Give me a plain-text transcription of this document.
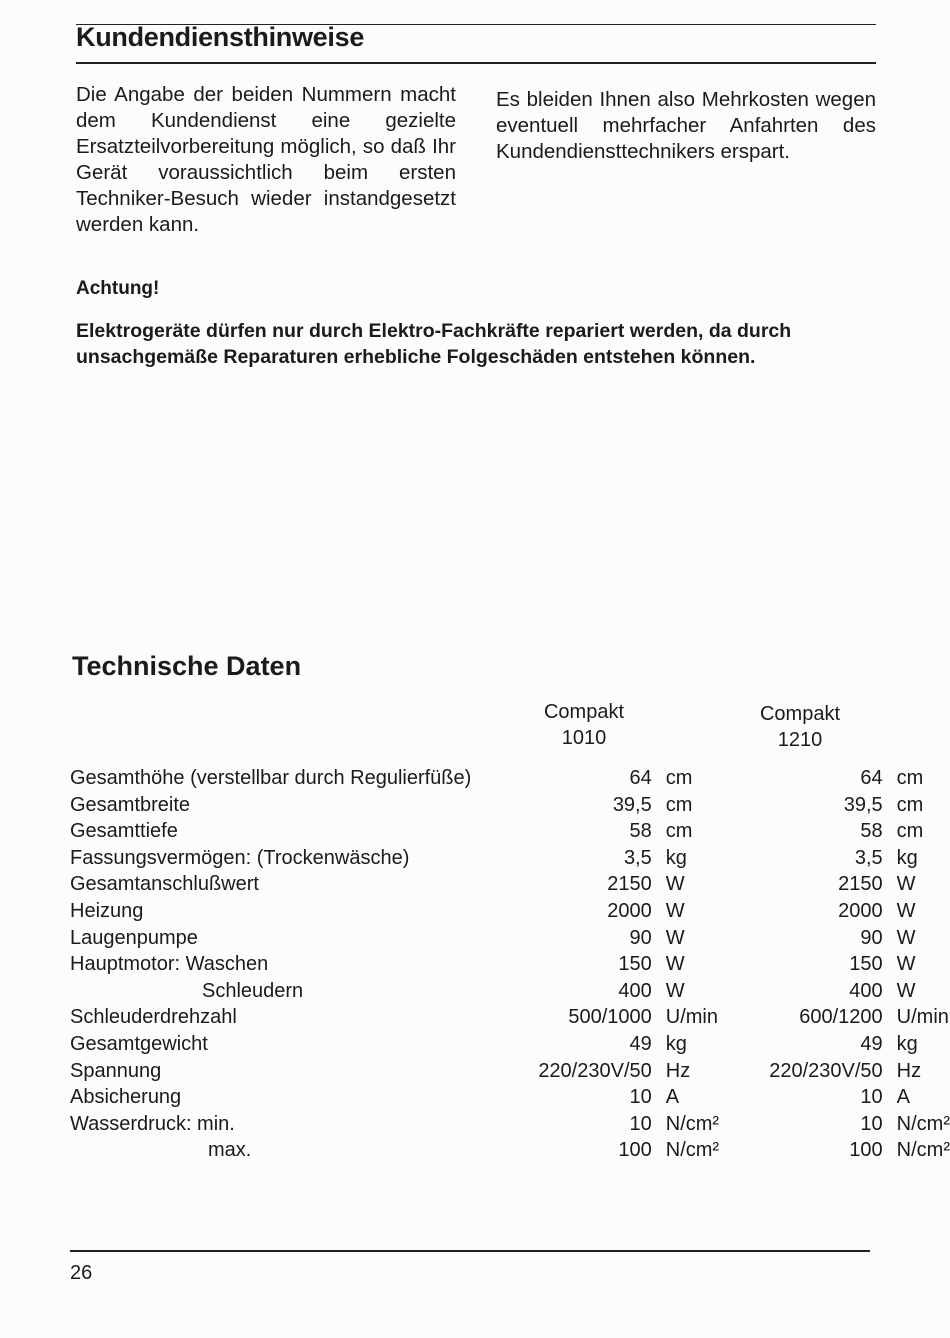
Kundendiensthinweise

Die Angabe der beiden Nummern macht dem Kundendienst eine gezielte Ersatzteilvorbereitung möglich, so daß Ihr Gerät voraussichtlich beim ersten Techniker-Besuch wieder instandgesetzt werden kann.

Es bleiden Ihnen also Mehrkosten wegen eventuell mehrfacher Anfahrten des Kundendiensttechnikers erspart.

Achtung!

Elektrogeräte dürfen nur durch Elektro-Fachkräfte repariert werden, da durch unsachgemäße Reparaturen erhebliche Folgeschäden entstehen können.

Technische Daten
Compakt
1010
Compakt
1210
Gesamthöhe (verstellbar durch Regulierfüße)	64	cm	64	cm
Gesamtbreite	39,5	cm	39,5	cm
Gesamttiefe	58	cm	58	cm
Fassungsvermögen: (Trockenwäsche)	3,5	kg	3,5	kg
Gesamtanschlußwert	2150	W	2150	W
Heizung	2000	W	2000	W
Laugenpumpe	90	W	90	W
Hauptmotor: Waschen	150	W	150	W
Schleudern	400	W	400	W
Schleuderdrehzahl	500/1000	U/min	600/1200	U/min
Gesamtgewicht	49	kg	49	kg
Spannung	220/230V/50	Hz	220/230V/50	Hz
Absicherung	10	A	10	A
Wasserdruck: min.	10	N/cm²	10	N/cm²
max.	100	N/cm²	100	N/cm²

26
